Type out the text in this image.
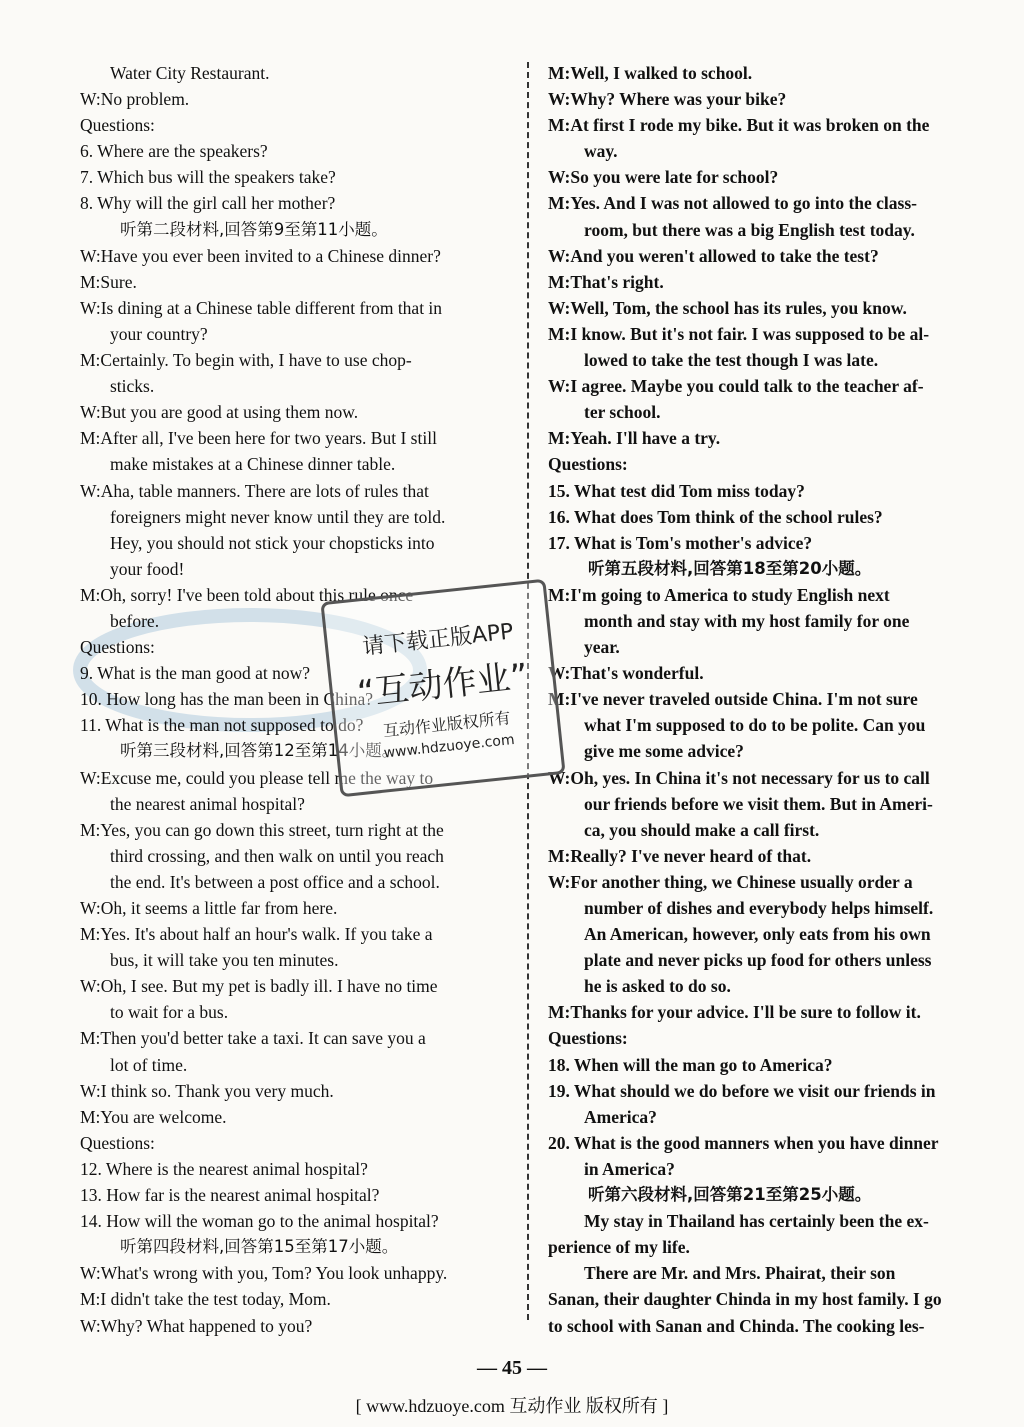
Water City Restaurant.
W:No problem.
Questions:
6. Where are the speakers?
7. Which bus will the speakers take?
8. Why will the girl call her mother?
听第二段材料,回答第9至第11小题。
W:Have you ever been invited to a Chinese dinner?
M:Sure.
W:Is dining at a Chinese table different from that in
your country?
M:Certainly. To begin with, I have to use chop-
sticks.
W:But you are good at using them now.
M:After all, I've been here for two years. But I still
make mistakes at a Chinese dinner table.
W:Aha, table manners. There are lots of rules that
foreigners might never know until they are told.
Hey, you should not stick your chopsticks into
your food!
M:Oh, sorry! I've been told about this rule once
before.
Questions:
9. What is the man good at now?
10. How long has the man been in China?
11. What is the man not supposed to do?
听第三段材料,回答第12至第14小题。
W:Excuse me, could you please tell me the way to
the nearest animal hospital?
M:Yes, you can go down this street, turn right at the
third crossing, and then walk on until you reach
the end. It's between a post office and a school.
W:Oh, it seems a little far from here.
M:Yes. It's about half an hour's walk. If you take a
bus, it will take you ten minutes.
W:Oh, I see. But my pet is badly ill. I have no time
to wait for a bus.
M:Then you'd better take a taxi. It can save you a
lot of time.
W:I think so. Thank you very much.
M:You are welcome.
Questions:
12. Where is the nearest animal hospital?
13. How far is the nearest animal hospital?
14. How will the woman go to the animal hospital?
听第四段材料,回答第15至第17小题。
W:What's wrong with you, Tom? You look unhappy.
M:I didn't take the test today, Mom.
W:Why? What happened to you?
M:Well, I walked to school.
W:Why? Where was your bike?
M:At first I rode my bike. But it was broken on the
way.
W:So you were late for school?
M:Yes. And I was not allowed to go into the class-
room, but there was a big English test today.
W:And you weren't allowed to take the test?
M:That's right.
W:Well, Tom, the school has its rules, you know.
M:I know. But it's not fair. I was supposed to be al-
lowed to take the test though I was late.
W:I agree. Maybe you could talk to the teacher af-
ter school.
M:Yeah. I'll have a try.
Questions:
15. What test did Tom miss today?
16. What does Tom think of the school rules?
17. What is Tom's mother's advice?
听第五段材料,回答第18至第20小题。
M:I'm going to America to study English next
month and stay with my host family for one
year.
W:That's wonderful.
M:I've never traveled outside China. I'm not sure
what I'm supposed to do to be polite. Can you
give me some advice?
W:Oh, yes. In China it's not necessary for us to call
our friends before we visit them. But in Ameri-
ca, you should make a call first.
M:Really? I've never heard of that.
W:For another thing, we Chinese usually order a
number of dishes and everybody helps himself.
An American, however, only eats from his own
plate and never picks up food for others unless
he is asked to do so.
M:Thanks for your advice. I'll be sure to follow it.
Questions:
18. When will the man go to America?
19. What should we do before we visit our friends in
America?
20. What is the good manners when you have dinner
in America?
听第六段材料,回答第21至第25小题。
My stay in Thailand has certainly been the ex-
perience of my life.
There are Mr. and Mrs. Phairat, their son
Sanan, their daughter Chinda in my host family. I go
to school with Sanan and Chinda. The cooking les-
请下载正版APP
“互动作业”
互动作业版权所有
www.hdzuoye.com
— 45 —
[ www.hdzuoye.com 互动作业 版权所有 ]
